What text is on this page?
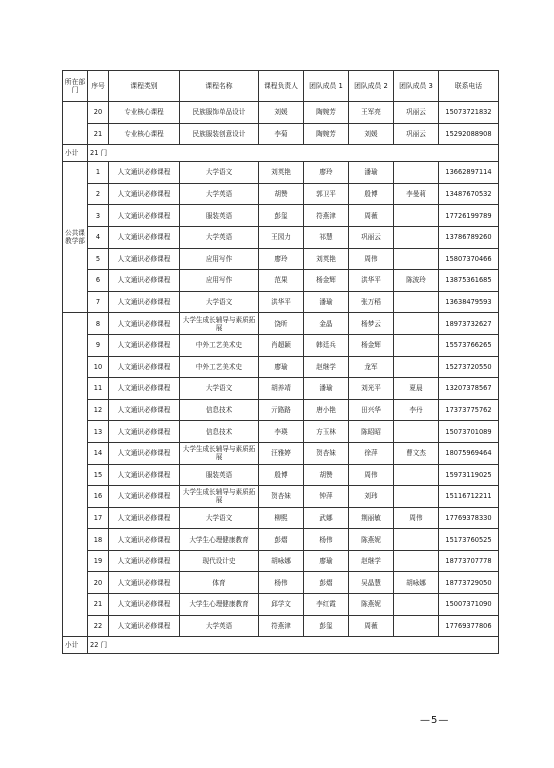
所在部门	序号	课程类别	课程名称	课程负责人	团队成员 1	团队成员 2	团队成员 3	联系电话
	20	专业核心课程	民族服饰单品设计	刘媛	陶婉芳	王军亮	巩丽云	15073721832
	21	专业核心课程	民族服装创意设计	李菊	陶婉芳	刘媛	巩丽云	15292088908
小计	21 门							
公共课教学部	1	人文通识必修课程	大学语文	刘英艳	廖玲	潘瑜		13662897114
	2	人文通识必修课程	大学英语	胡赞	郭卫平	殷博	李曼莉	13487670532
	3	人文通识必修课程	服装英语	彭玺	符燕津	周薇		17726199789
	4	人文通识必修课程	大学英语	王园力	祁慧	巩丽云		13786789260
	5	人文通识必修课程	应用写作	廖玲	刘英艳	周伟		15807370466
	6	人文通识必修课程	应用写作	范果	杨金辉	洪华平	陈波玲	13875361685
	7	人文通识必修课程	大学语文	洪华平	潘瑜	张万稻		13638479593
	8	人文通识必修课程	大学生成长辅导与素质拓展	饶昕	金晶	杨梦云		18973732627
	9	人文通识必修课程	中外工艺美术史	肖超颖	韩廷兵	杨金辉		15573766265
	10	人文通识必修课程	中外工艺美术史	廖瑜	赵继学	龙军		15273720550
	11	人文通识必修课程	大学语文	胡养靖	潘瑜	刘光平	夏晨	13207378567
	12	人文通识必修课程	信息技术	亓路路	唐小艳	田兴华	李丹	17373775762
	13	人文通识必修课程	信息技术	李瑛	方玉林	陈昭昭		15073701089
	14	人文通识必修课程	大学生成长辅导与素质拓展	汪雅婷	贺杏妹	徐萍	曹文杰	18075969464
	15	人文通识必修课程	服装英语	殷博	胡赞	周伟		15973119025
	16	人文通识必修课程	大学生成长辅导与素质拓展	贺杏妹	钟萍	刘玮		15116712211
	17	人文通识必修课程	大学语文	柳熙	武娜	荆丽敏	周伟	17769378330
	18	人文通识必修课程	大学生心理健康教育	彭熠	杨伟	陈燕妮		15173760525
	19	人文通识必修课程	现代设计史	胡咏娜	廖瑜	赵继学		18773707778
	20	人文通识必修课程	体育	杨伟	彭熠	吴晶慧	胡咏娜	18773729050
	21	人文通识必修课程	大学生心理健康教育	邱学文	李红霞	陈燕妮		15007371090
	22	人文通识必修课程	大学英语	符燕津	彭玺	周薇		17769377806
小计	22 门							
—5—
